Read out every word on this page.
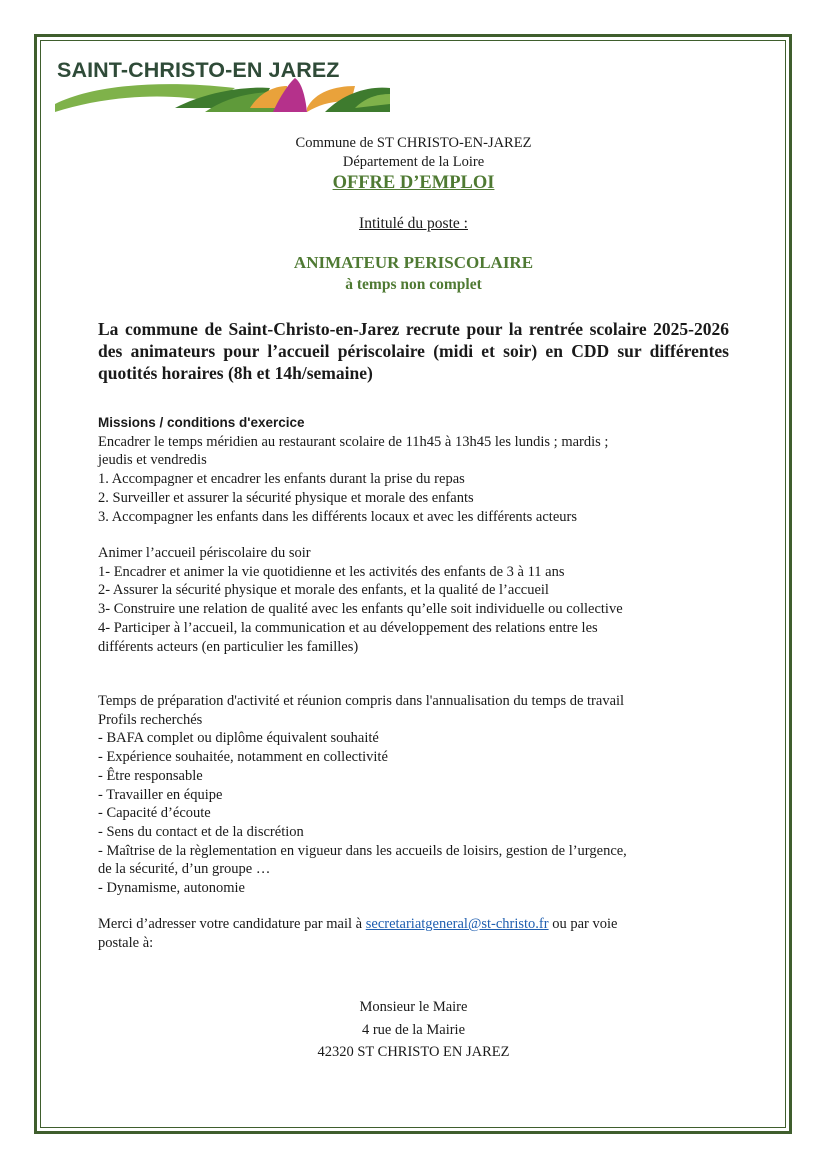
SAINT-CHRISTO-EN JAREZ
Commune de ST CHRISTO-EN-JAREZ
Département de la Loire
OFFRE D’EMPLOI
Intitulé du poste :
ANIMATEUR PERISCOLAIRE
à temps non complet
La commune de Saint-Christo-en-Jarez recrute pour la rentrée scolaire 2025-2026 des animateurs pour l’accueil périscolaire (midi et soir) en CDD sur différentes quotités horaires (8h et 14h/semaine)
Missions / conditions d'exercice
Encadrer le temps méridien au restaurant scolaire de 11h45 à 13h45 les lundis ; mardis ;
jeudis et vendredis
1. Accompagner et encadrer les enfants durant la prise du repas
2. Surveiller et assurer la sécurité physique et morale des enfants
3. Accompagner les enfants dans les différents locaux et avec les différents acteurs
Animer l’accueil périscolaire du soir
1- Encadrer et animer la vie quotidienne et les activités des enfants de 3 à 11 ans
2- Assurer la sécurité physique et morale des enfants, et la qualité de l’accueil
3- Construire une relation de qualité avec les enfants qu’elle soit individuelle ou collective
4- Participer à l’accueil, la communication et au développement des relations entre les
différents acteurs (en particulier les familles)
Temps de préparation d'activité et réunion compris dans l'annualisation du temps de travail
Profils recherchés
- BAFA complet ou diplôme équivalent souhaité
- Expérience souhaitée, notamment en collectivité
- Être responsable
- Travailler en équipe
- Capacité d’écoute
- Sens du contact et de la discrétion
- Maîtrise de la règlementation en vigueur dans les accueils de loisirs, gestion de l’urgence,
de la sécurité, d’un groupe …
- Dynamisme, autonomie
Merci d’adresser votre candidature par mail à secretariatgeneral@st-christo.fr ou par voie
postale à:
Monsieur le Maire
4 rue de la Mairie
42320 ST CHRISTO EN JAREZ
